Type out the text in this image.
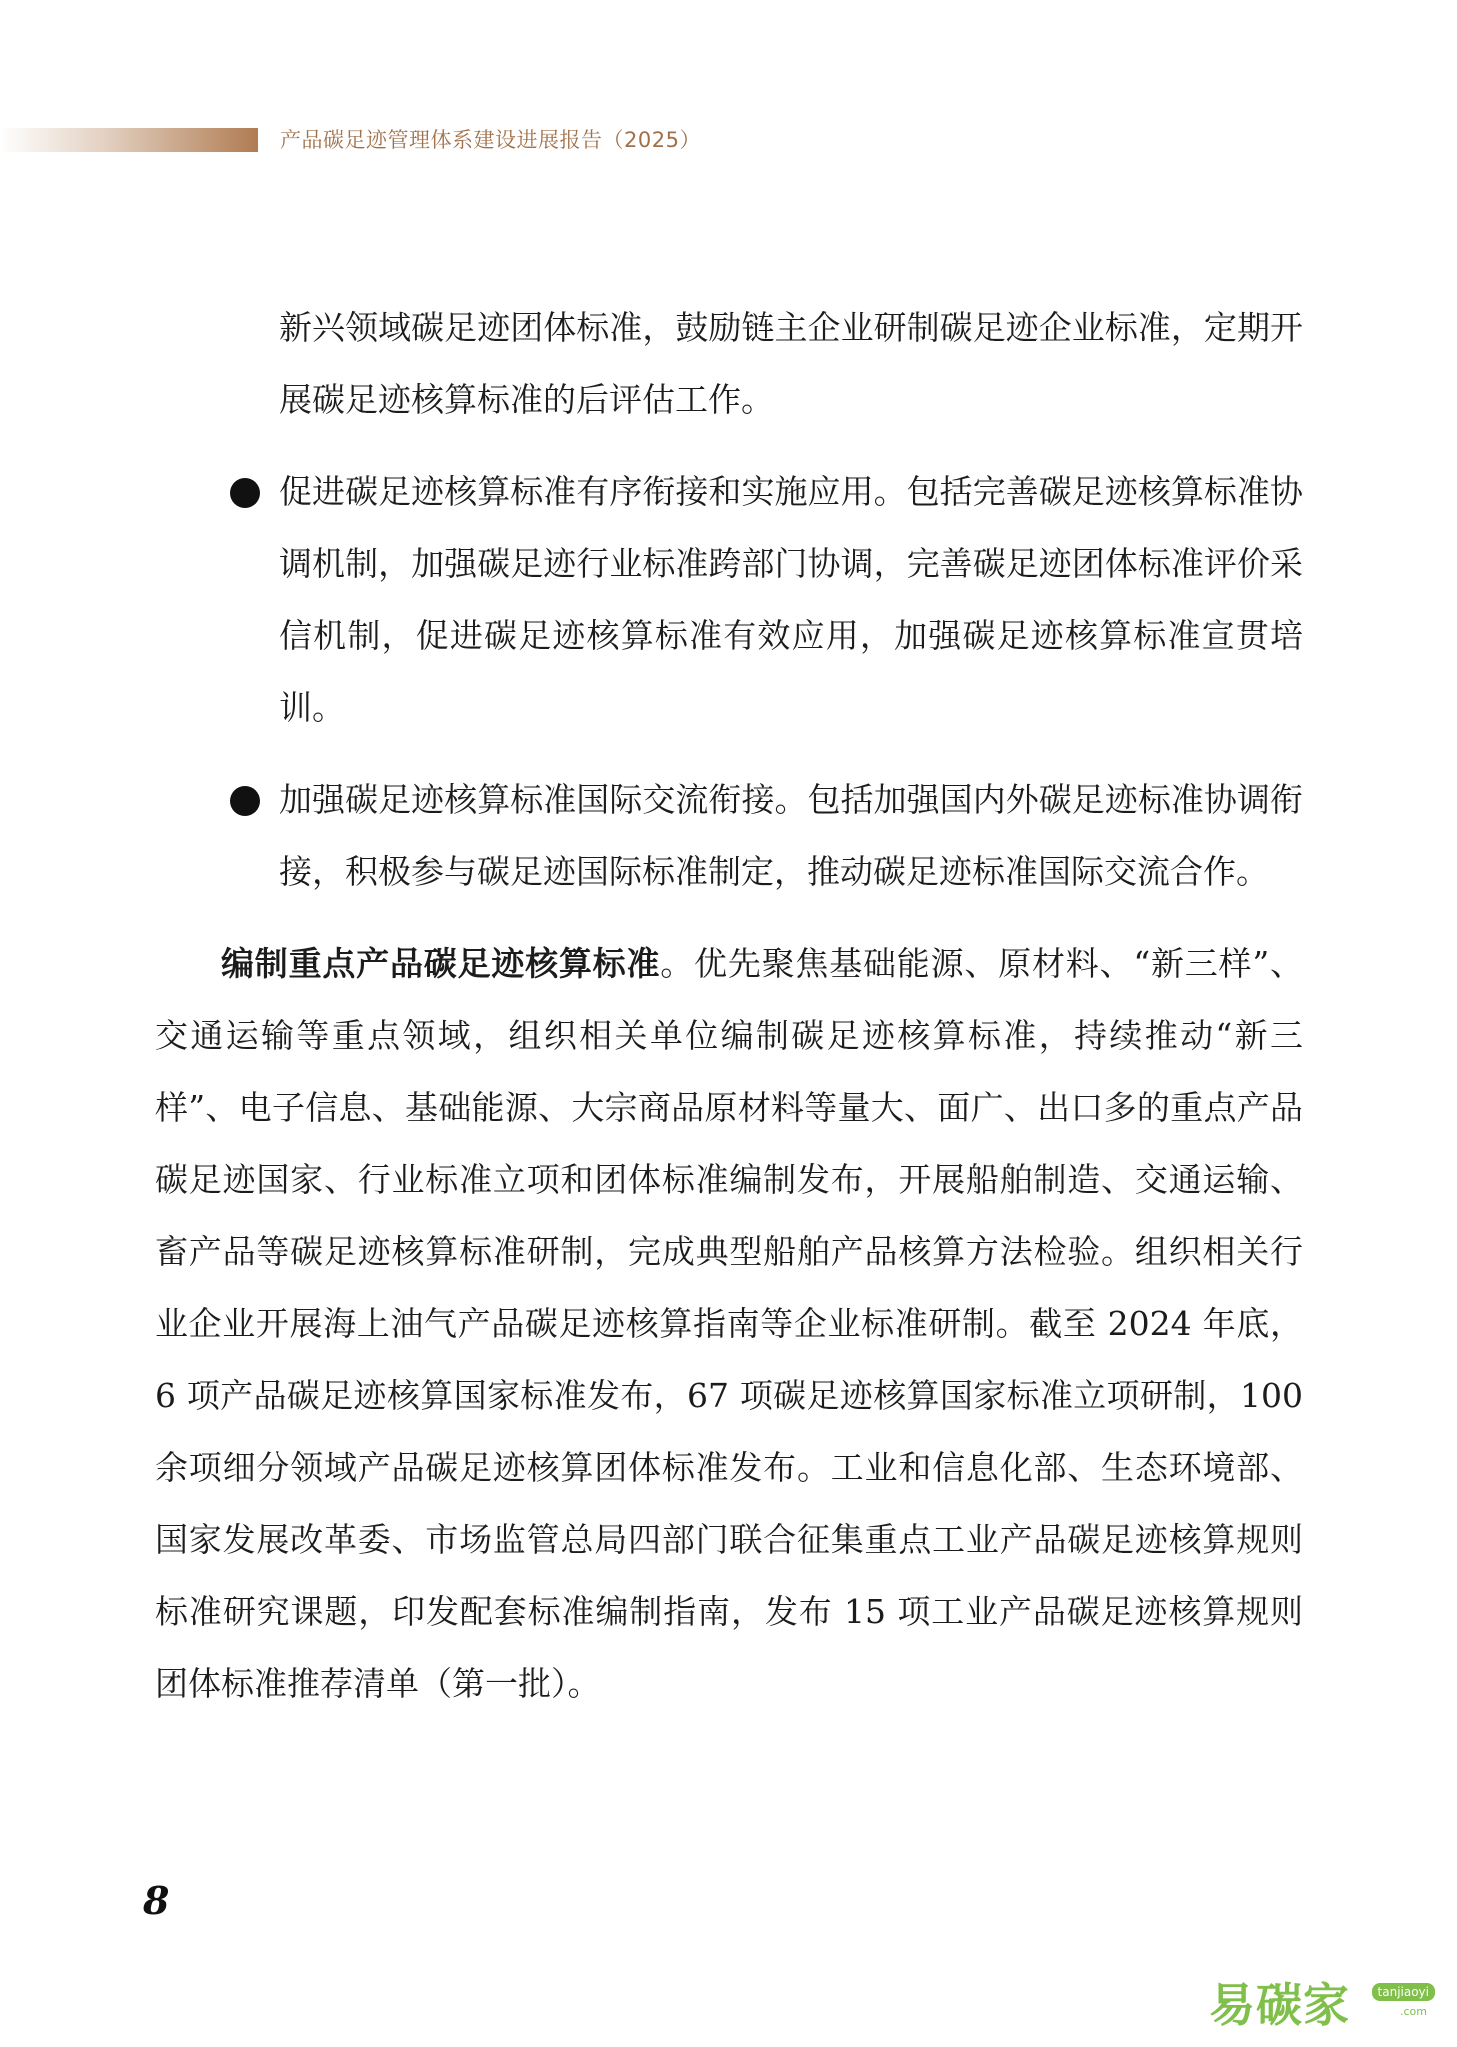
产品碳足迹管理体系建设进展报告（2025）

新兴领域碳足迹团体标准，鼓励链主企业研制碳足迹企业标准，定期开展碳足迹核算标准的后评估工作。

促进碳足迹核算标准有序衔接和实施应用。包括完善碳足迹核算标准协调机制，加强碳足迹行业标准跨部门协调，完善碳足迹团体标准评价采信机制，促进碳足迹核算标准有效应用，加强碳足迹核算标准宣贯培训。
加强碳足迹核算标准国际交流衔接。包括加强国内外碳足迹标准协调衔接，积极参与碳足迹国际标准制定，推动碳足迹标准国际交流合作。

编制重点产品碳足迹核算标准。优先聚焦基础能源、原材料、“新三样”、交通运输等重点领域，组织相关单位编制碳足迹核算标准，持续推动“新三样”、电子信息、基础能源、大宗商品原材料等量大、面广、出口多的重点产品碳足迹国家、行业标准立项和团体标准编制发布，开展船舶制造、交通运输、畜产品等碳足迹核算标准研制，完成典型船舶产品核算方法检验。组织相关行业企业开展海上油气产品碳足迹核算指南等企业标准研制。截至 2024 年底，6 项产品碳足迹核算国家标准发布，67 项碳足迹核算国家标准立项研制，100 余项细分领域产品碳足迹核算团体标准发布。工业和信息化部、生态环境部、国家发展改革委、市场监管总局四部门联合征集重点工业产品碳足迹核算规则标准研究课题，印发配套标准编制指南，发布 15 项工业产品碳足迹核算规则团体标准推荐清单（第一批）。

8
易碳家	tanjiaoyi
.com
